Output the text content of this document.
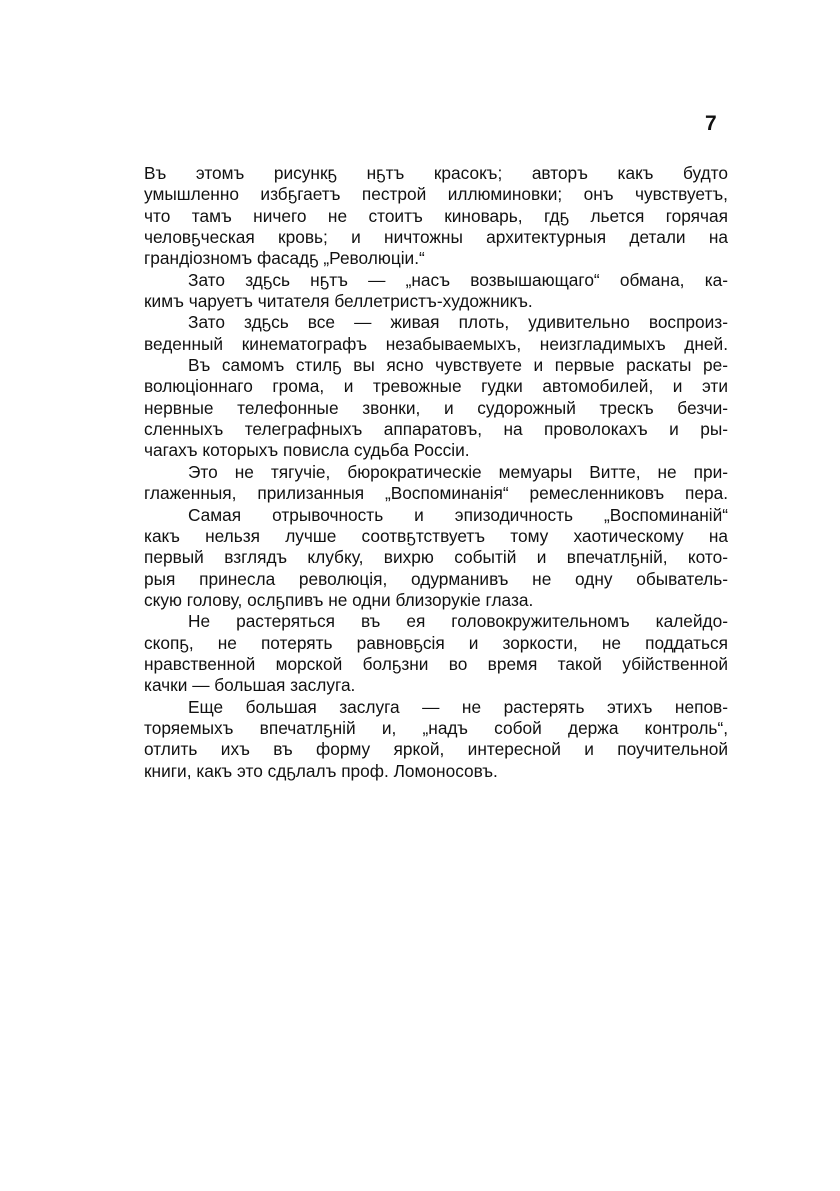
7
Въ этомъ рисункҕ нҕтъ красокъ; авторъ какъ будто
умышленно избҕгаетъ пестрой иллюминовки; онъ чувствуетъ,
что тамъ ничего не стоитъ киноварь, гдҕ льется горячая
человҕческая кровь; и ничтожны архитектурныя детали на
грандіозномъ фасадҕ „Революціи.“
Зато здҕсь нҕтъ — „насъ возвышающаго“ обмана, ка-
кимъ чаруетъ читателя беллетристъ-художникъ.
Зато здҕсь все — живая плоть, удивительно воспроиз-
веденный кинематографъ незабываемыхъ, неизгладимыхъ дней.
Въ самомъ стилҕ вы ясно чувствуете и первые раскаты ре-
волюціоннаго грома, и тревожные гудки автомобилей, и эти
нервные телефонные звонки, и судорожный трескъ безчи-
сленныхъ телеграфныхъ аппаратовъ, на проволокахъ и ры-
чагахъ которыхъ повисла судьба Россіи.
Это не тягучіе, бюрократическіе мемуары Витте, не при-
глаженныя, прилизанныя „Воспоминанія“ ремесленниковъ пера.
Самая отрывочность и эпизодичность „Воспоминаній“
какъ нельзя лучше соотвҕтствуетъ тому хаотическому на
первый взглядъ клубку, вихрю событій и впечатлҕній, кото-
рыя принесла революція, одурманивъ не одну обыватель-
скую голову, ослҕпивъ не одни близорукіе глаза.
Не растеряться въ ея головокружительномъ калейдо-
скопҕ, не потерять равновҕсія и зоркости, не поддаться
нравственной морской болҕзни во время такой убійственной
качки — большая заслуга.
Еще большая заслуга — не растерять этихъ непов-
торяемыхъ впечатлҕній и, „надъ собой держа контроль“,
отлить ихъ въ форму яркой, интересной и поучительной
книги, какъ это сдҕлалъ проф. Ломоносовъ.
